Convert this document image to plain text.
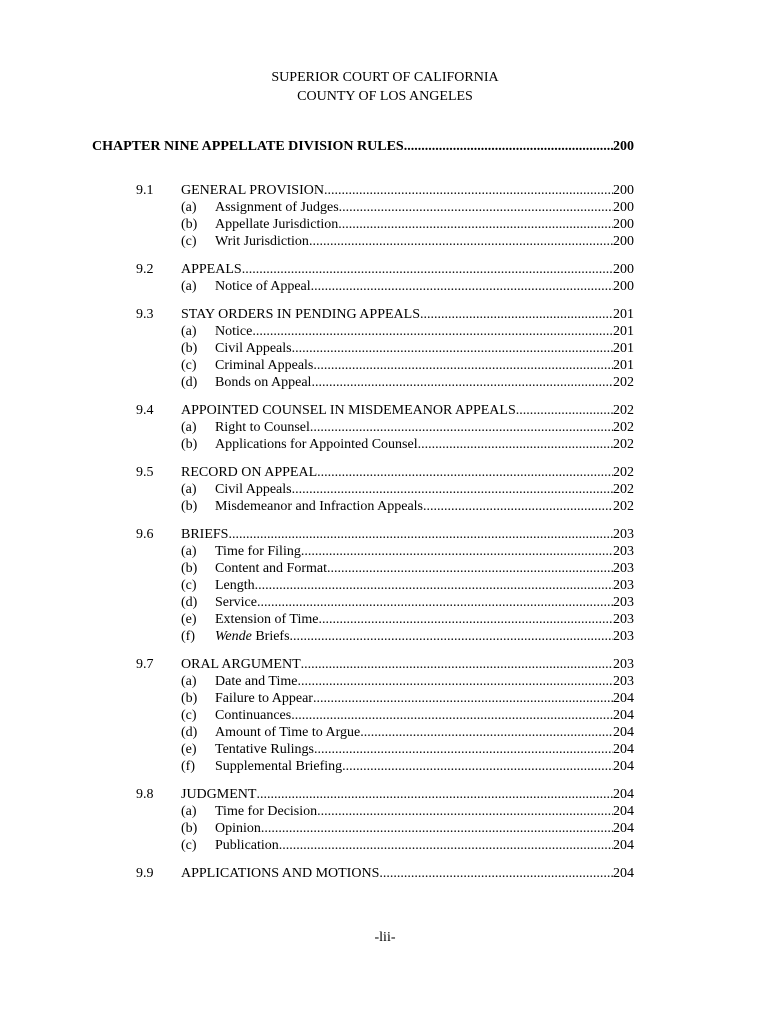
SUPERIOR COURT OF CALIFORNIA
COUNTY OF LOS ANGELES
CHAPTER NINE APPELLATE DIVISION RULES .....	200
9.1 GENERAL PROVISION .....	200
(a) Assignment of Judges .....	200
(b) Appellate Jurisdiction .....	200
(c) Writ Jurisdiction .....	200
9.2 APPEALS .....	200
(a) Notice of Appeal .....	200
9.3 STAY ORDERS IN PENDING APPEALS .....	201
(a) Notice .....	201
(b) Civil Appeals .....	201
(c) Criminal Appeals .....	201
(d) Bonds on Appeal .....	202
9.4 APPOINTED COUNSEL IN MISDEMEANOR APPEALS .....	202
(a) Right to Counsel .....	202
(b) Applications for Appointed Counsel .....	202
9.5 RECORD ON APPEAL .....	202
(a) Civil Appeals .....	202
(b) Misdemeanor and Infraction Appeals .....	202
9.6 BRIEFS .....	203
(a) Time for Filing .....	203
(b) Content and Format .....	203
(c) Length .....	203
(d) Service .....	203
(e) Extension of Time .....	203
(f) Wende Briefs .....	203
9.7 ORAL ARGUMENT .....	203
(a) Date and Time .....	203
(b) Failure to Appear .....	204
(c) Continuances .....	204
(d) Amount of Time to Argue .....	204
(e) Tentative Rulings .....	204
(f) Supplemental Briefing .....	204
9.8 JUDGMENT .....	204
(a) Time for Decision .....	204
(b) Opinion .....	204
(c) Publication .....	204
9.9 APPLICATIONS AND MOTIONS .....	204
-lii-
